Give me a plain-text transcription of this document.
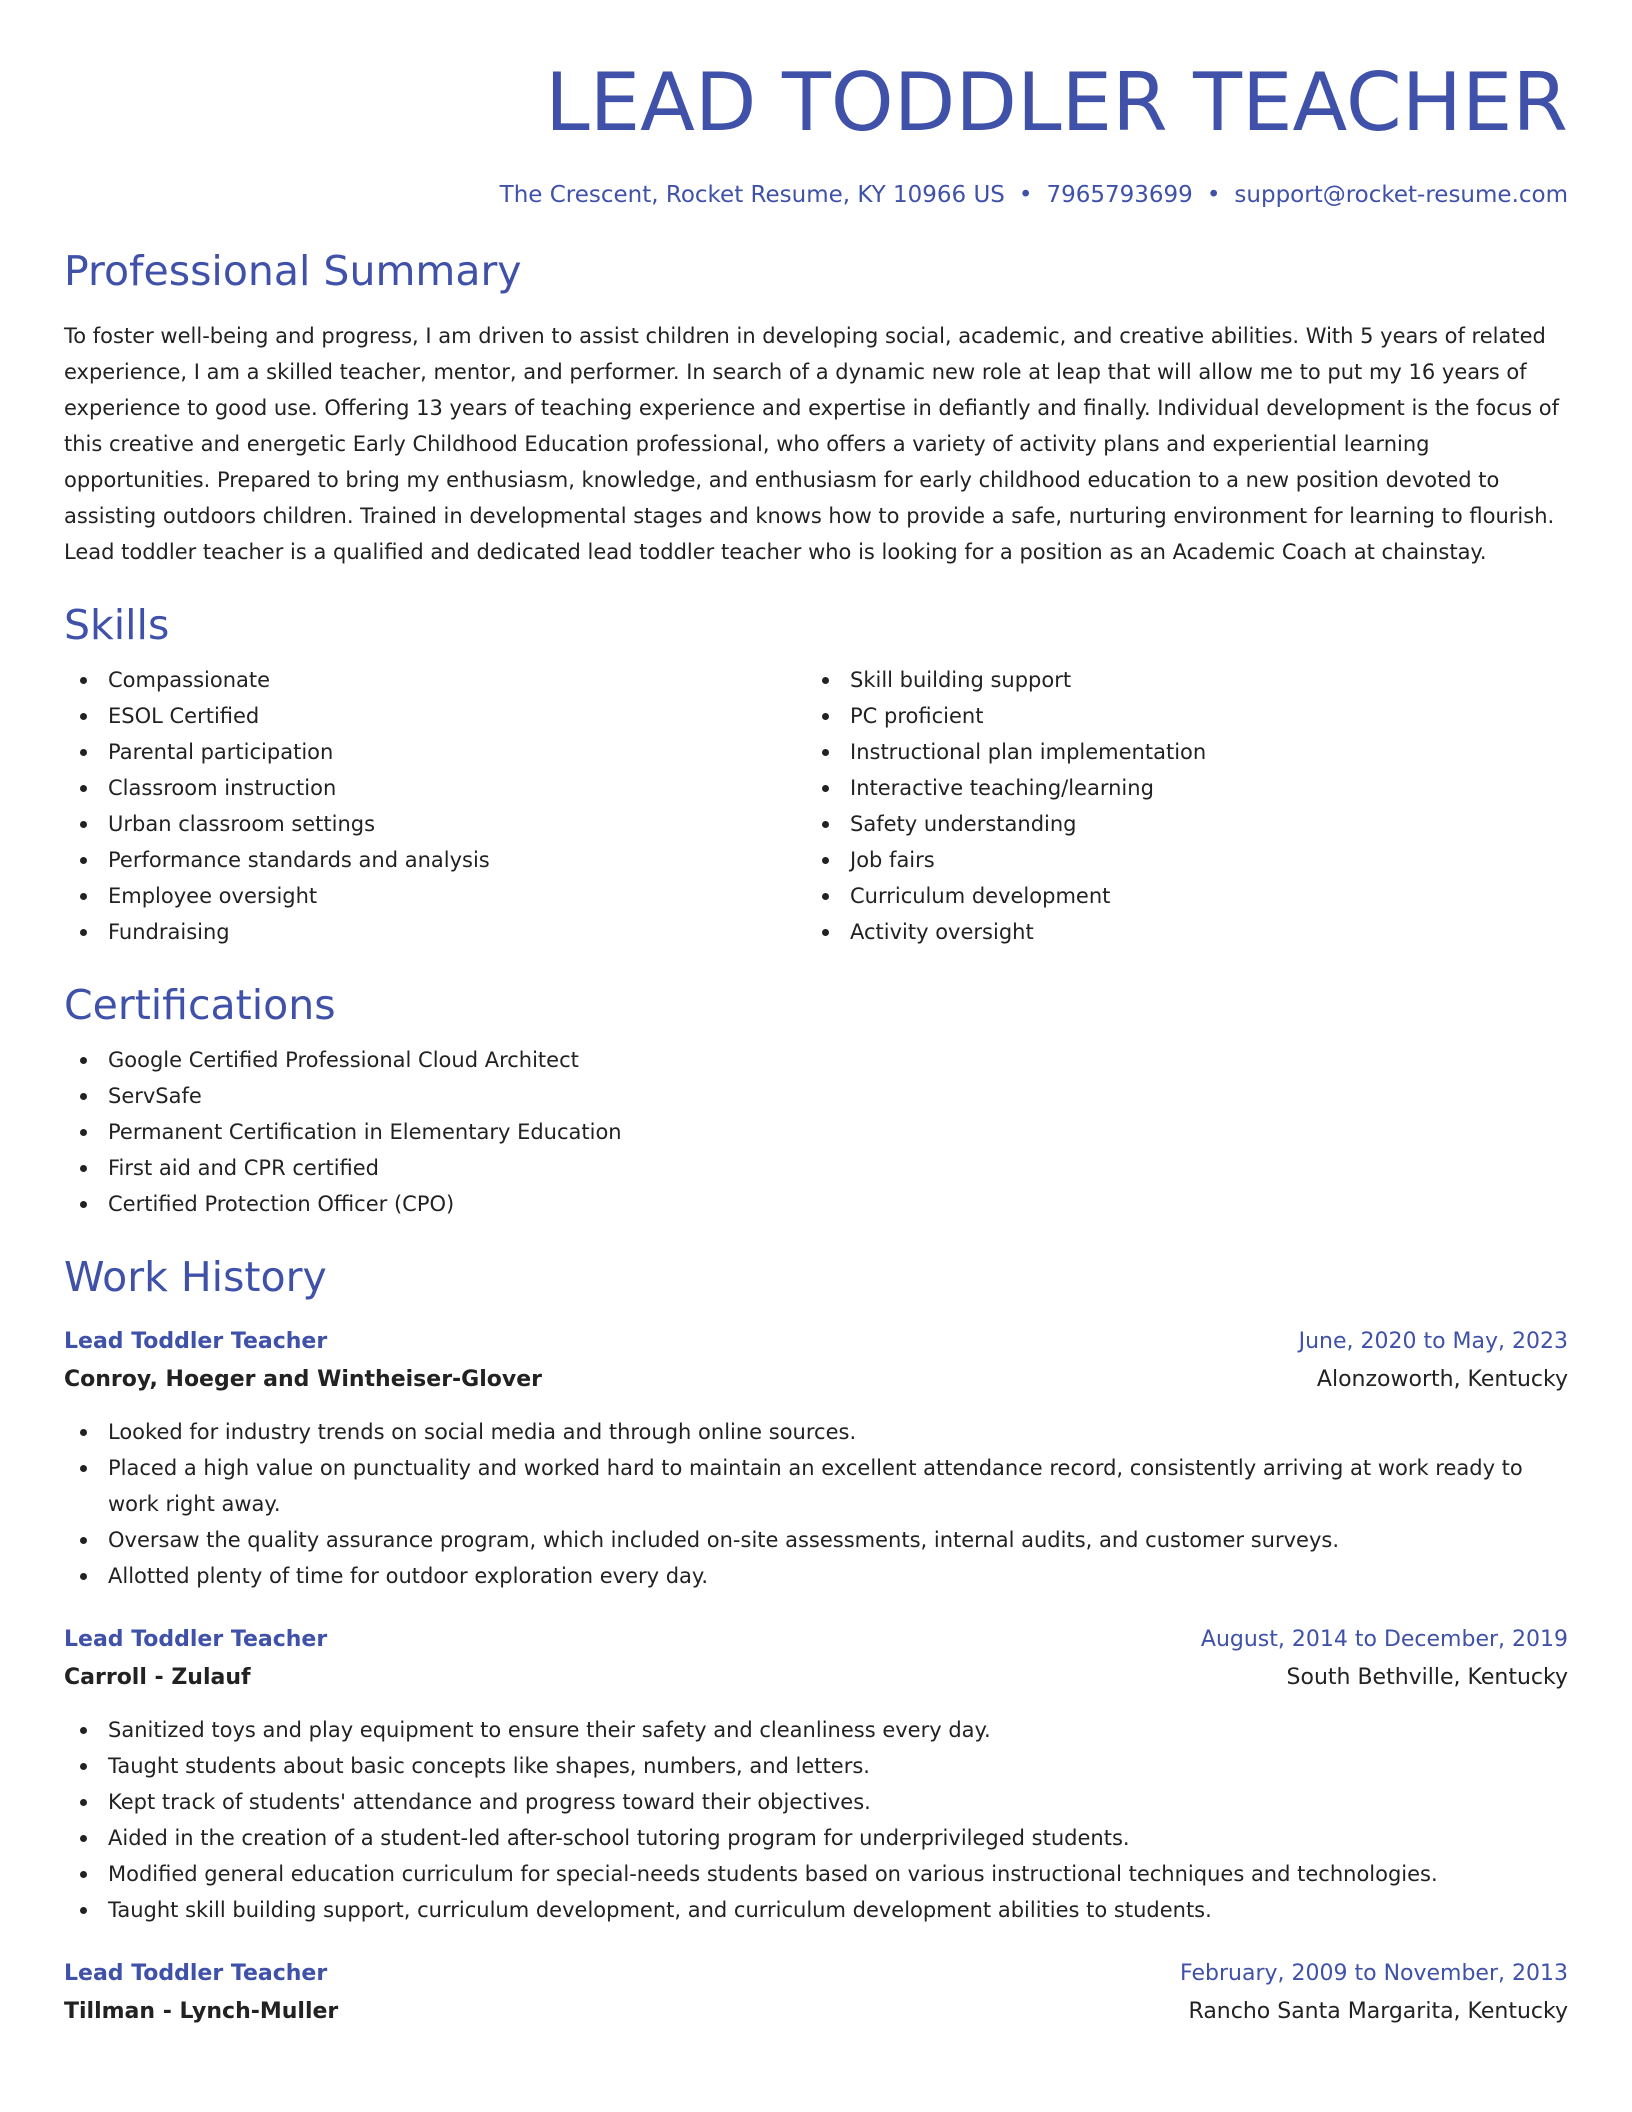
LEAD TODDLER TEACHER
The Crescent, Rocket Resume, KY 10966 US • 7965793699 • support@rocket-resume.com
Professional Summary

To foster well-being and progress, I am driven to assist children in developing social, academic, and creative abilities. With 5 years of related experience, I am a skilled teacher, mentor, and performer. In search of a dynamic new role at leap that will allow me to put my 16 years of experience to good use. Offering 13 years of teaching experience and expertise in defiantly and finally. Individual development is the focus of this creative and energetic Early Childhood Education professional, who offers a variety of activity plans and experiential learning opportunities. Prepared to bring my enthusiasm, knowledge, and enthusiasm for early childhood education to a new position devoted to assisting outdoors children. Trained in developmental stages and knows how to provide a safe, nurturing environment for learning to flourish. Lead toddler teacher is a qualified and dedicated lead toddler teacher who is looking for a position as an Academic Coach at chainstay.

Skills
Compassionate
ESOL Certified
Parental participation
Classroom instruction
Urban classroom settings
Performance standards and analysis
Employee oversight
Fundraising
Skill building support
PC proficient
Instructional plan implementation
Interactive teaching/learning
Safety understanding
Job fairs
Curriculum development
Activity oversight
Certifications
Google Certified Professional Cloud Architect
ServSafe
Permanent Certification in Elementary Education
First aid and CPR certified
Certified Protection Officer (CPO)
Work History
Lead Toddler Teacher	June, 2020 to May, 2023
Conroy, Hoeger and Wintheiser-Glover	Alonzoworth, Kentucky
Looked for industry trends on social media and through online sources.
Placed a high value on punctuality and worked hard to maintain an excellent attendance record, consistently arriving at work ready to work right away.
Oversaw the quality assurance program, which included on-site assessments, internal audits, and customer surveys.
Allotted plenty of time for outdoor exploration every day.
Lead Toddler Teacher	August, 2014 to December, 2019
Carroll - Zulauf	South Bethville, Kentucky
Sanitized toys and play equipment to ensure their safety and cleanliness every day.
Taught students about basic concepts like shapes, numbers, and letters.
Kept track of students' attendance and progress toward their objectives.
Aided in the creation of a student-led after-school tutoring program for underprivileged students.
Modified general education curriculum for special-needs students based on various instructional techniques and technologies.
Taught skill building support, curriculum development, and curriculum development abilities to students.
Lead Toddler Teacher	February, 2009 to November, 2013
Tillman - Lynch-Muller	Rancho Santa Margarita, Kentucky
